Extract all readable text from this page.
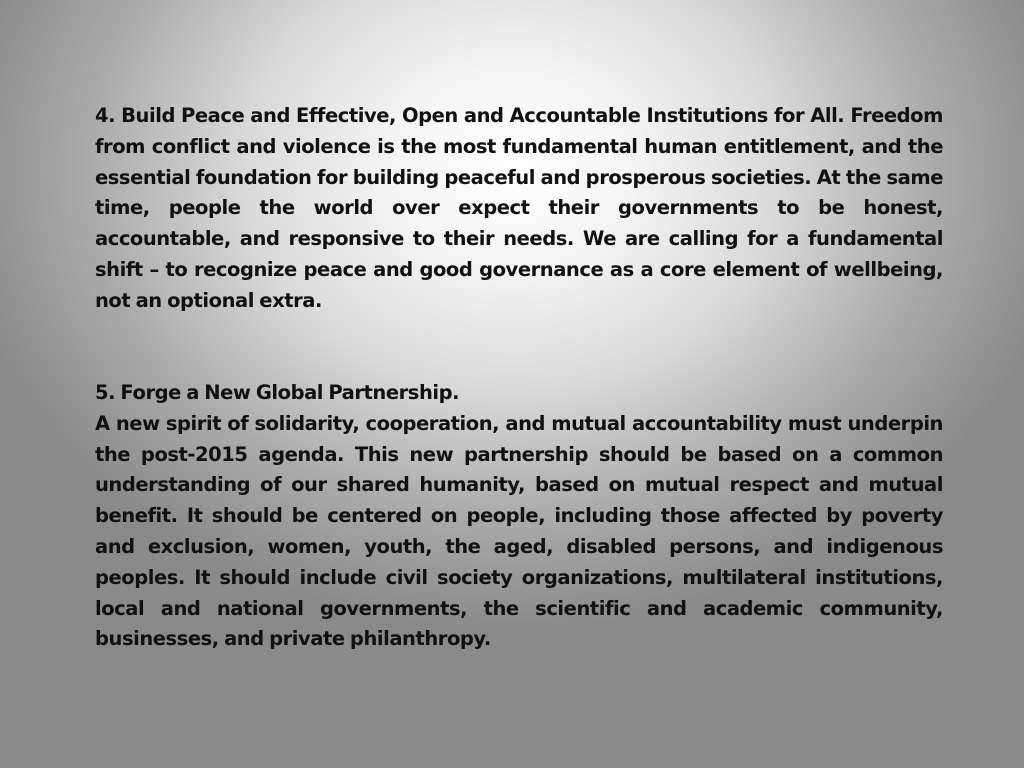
4. Build Peace and Effective, Open and Accountable Institutions for All. Freedom from conflict and violence is the most fundamental human entitlement, and the essential foundation for building peaceful and prosperous societies. At the same time, people the world over expect their governments to be honest, accountable, and responsive to their needs. We are calling for a fundamental shift – to recognize peace and good governance as a core element of wellbeing, not an optional extra.
5. Forge a New Global Partnership.
A new spirit of solidarity, cooperation, and mutual accountability must underpin the post-2015 agenda. This new partnership should be based on a common understanding of our shared humanity, based on mutual respect and mutual benefit. It should be centered on people, including those affected by poverty and exclusion, women, youth, the aged, disabled persons, and indigenous peoples. It should include civil society organizations, multilateral institutions, local and national governments, the scientific and academic community, businesses, and private philanthropy.
